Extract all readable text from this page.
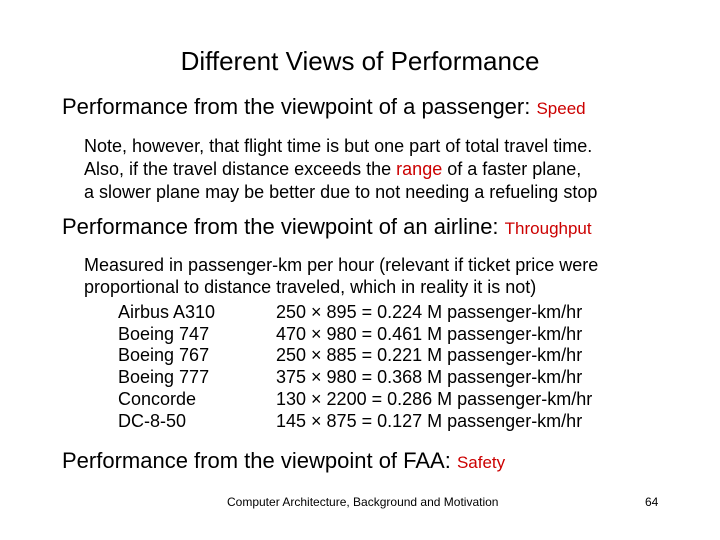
Different Views of Performance
Performance from the viewpoint of a passenger: Speed
Note, however, that flight time is but one part of total travel time.
Also, if the travel distance exceeds the range of a faster plane,
a slower plane may be better due to not needing a refueling stop
Performance from the viewpoint of an airline: Throughput
Measured in passenger-km per hour (relevant if ticket price were
proportional to distance traveled, which in reality it is not)
Airbus A310	250 × 895 = 0.224 M passenger-km/hr
Boeing 747	470 × 980 = 0.461 M passenger-km/hr
Boeing 767	250 × 885 = 0.221 M passenger-km/hr
Boeing 777	375 × 980 = 0.368 M passenger-km/hr
Concorde	130 × 2200 = 0.286 M passenger-km/hr
DC-8-50	145 × 875 = 0.127 M passenger-km/hr
Performance from the viewpoint of FAA: Safety
Computer Architecture, Background and Motivation	64
